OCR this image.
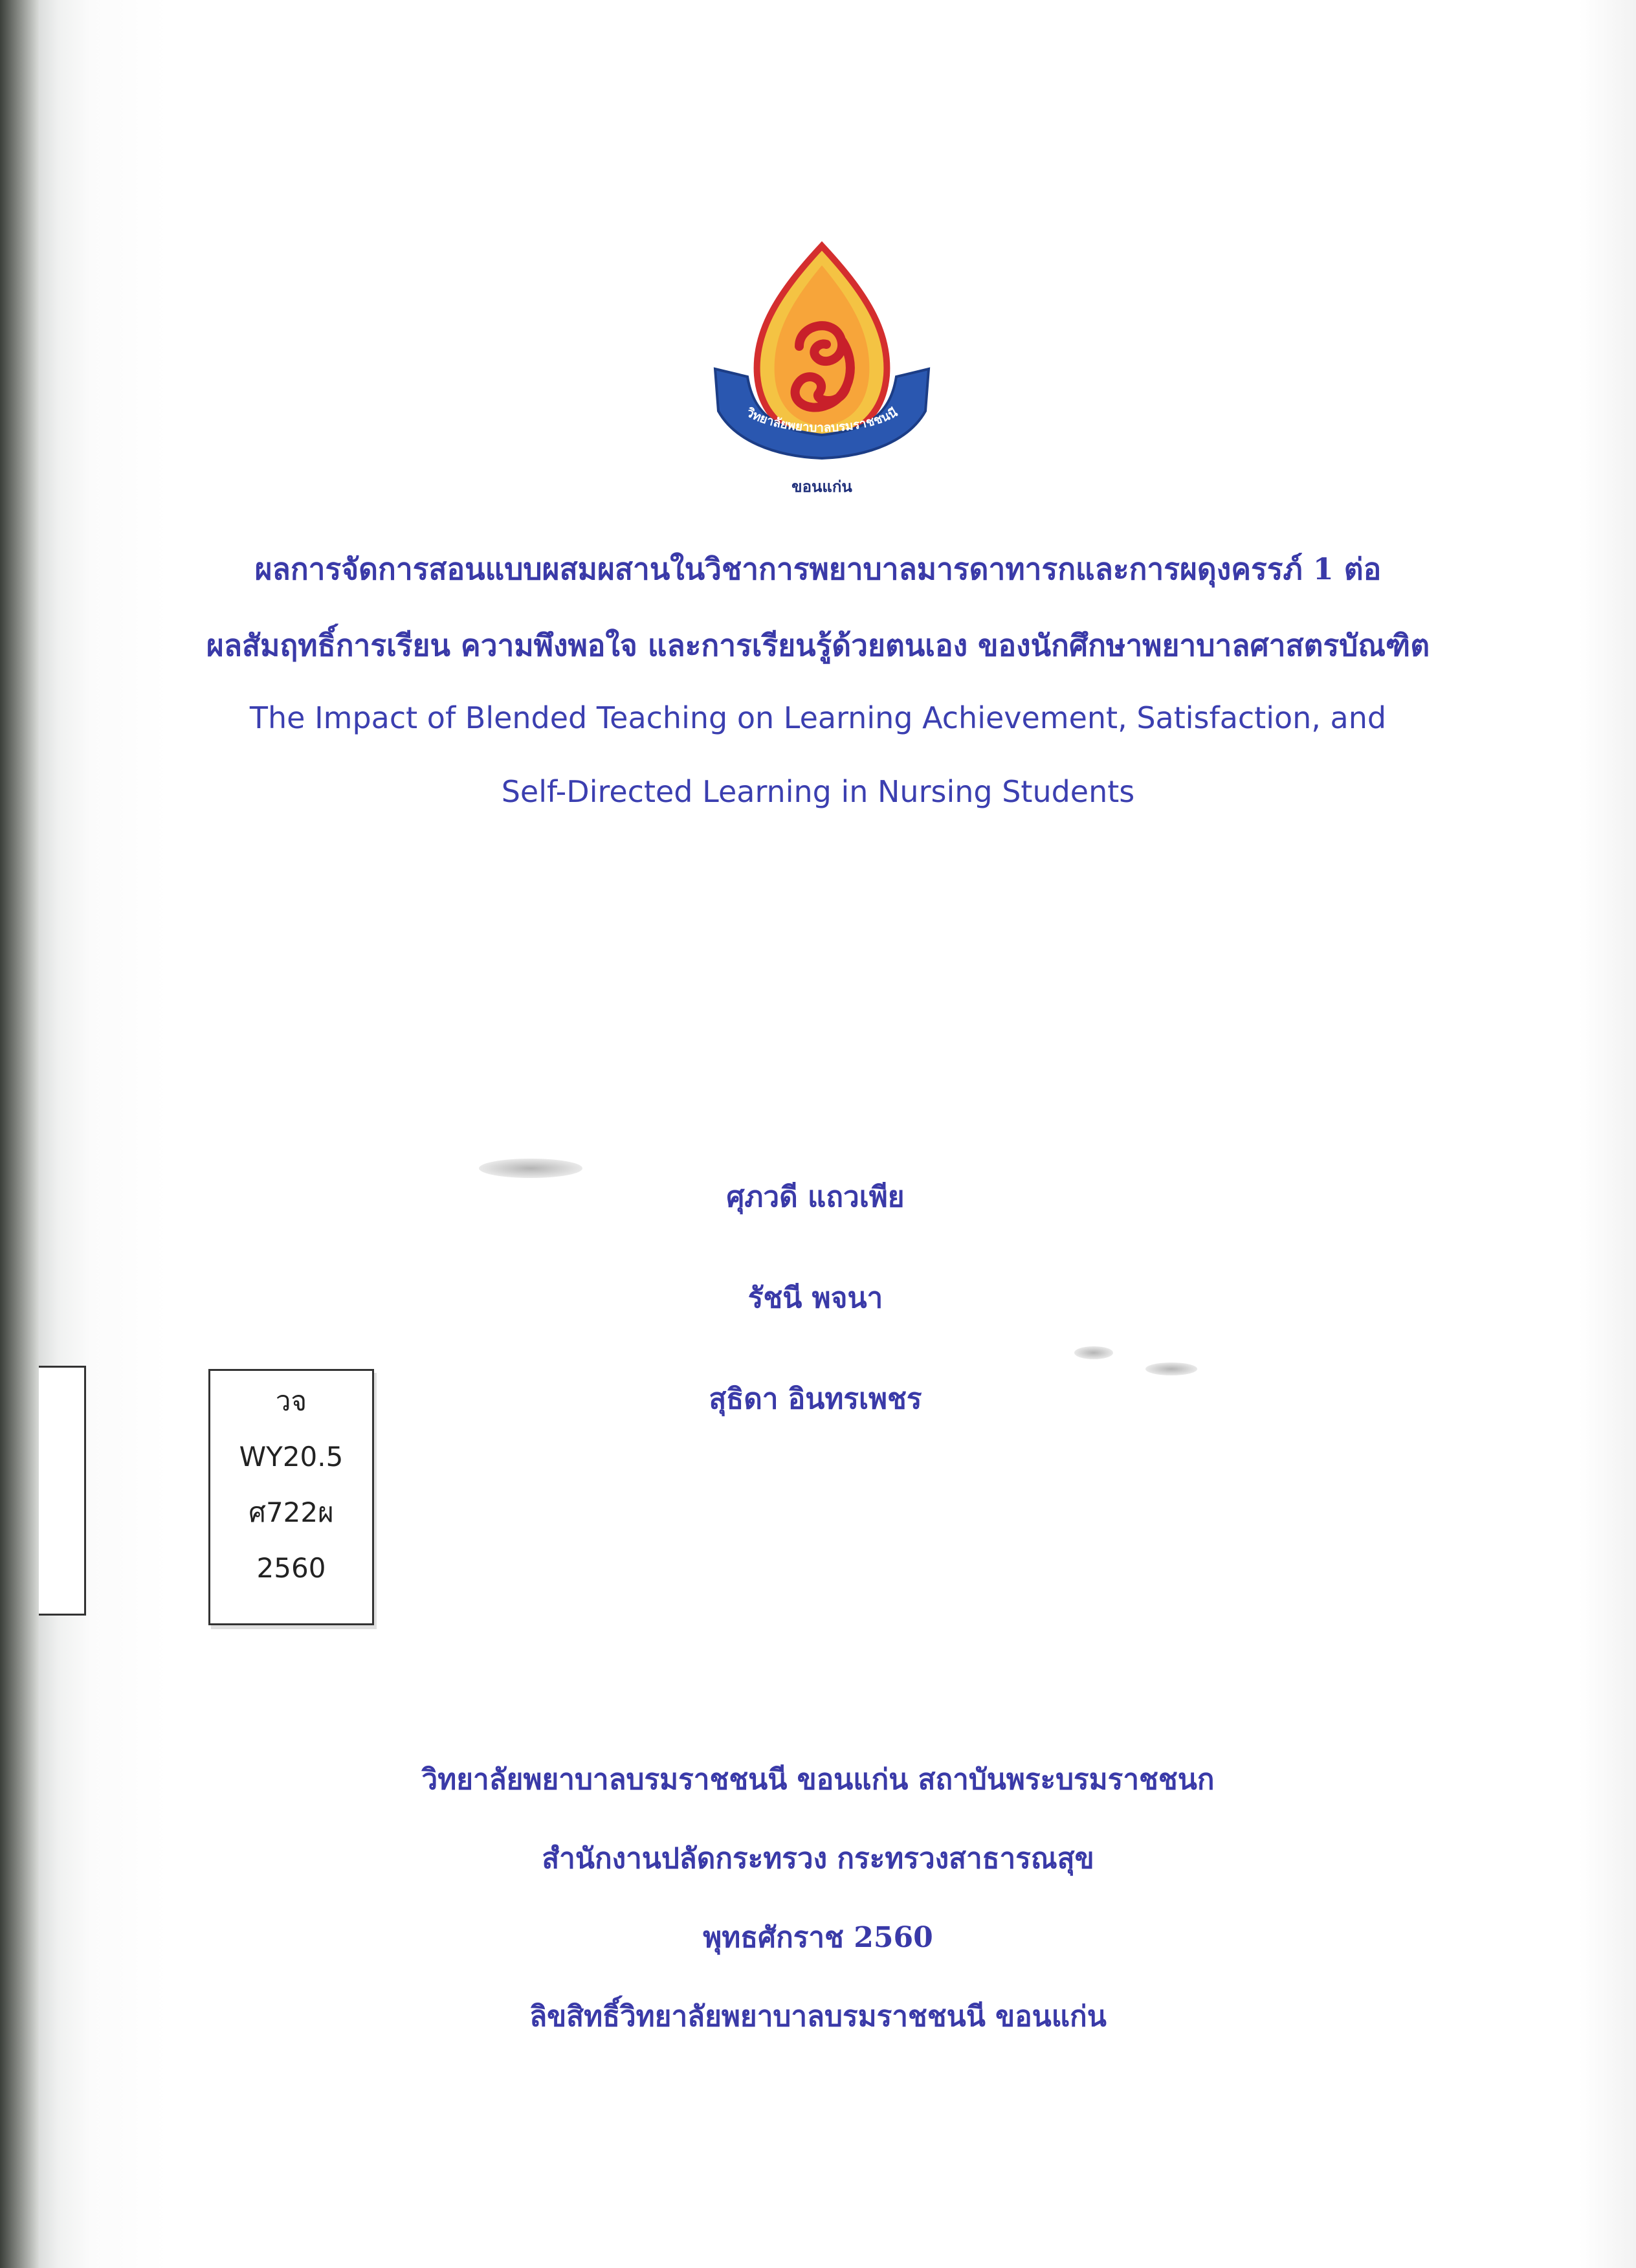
วิทยาลัยพยาบาลบรมราชชนนี
ขอนแก่น
ผลการจัดการสอนแบบผสมผสานในวิชาการพยาบาลมารดาทารกและการผดุงครรภ์ 1 ต่อ
ผลสัมฤทธิ์การเรียน ความพึงพอใจ และการเรียนรู้ด้วยตนเอง ของนักศึกษาพยาบาลศาสตรบัณฑิต
The Impact of Blended Teaching on Learning Achievement, Satisfaction, and
Self-Directed Learning in Nursing Students
ศุภวดี แถวเพีย
รัชนี พจนา
สุธิดา อินทรเพชร
วจ
WY20.5
ศ722ผ
2560
วิทยาลัยพยาบาลบรมราชชนนี ขอนแก่น สถาบันพระบรมราชชนก
สำนักงานปลัดกระทรวง กระทรวงสาธารณสุข
พุทธศักราช 2560
ลิขสิทธิ์วิทยาลัยพยาบาลบรมราชชนนี ขอนแก่น
